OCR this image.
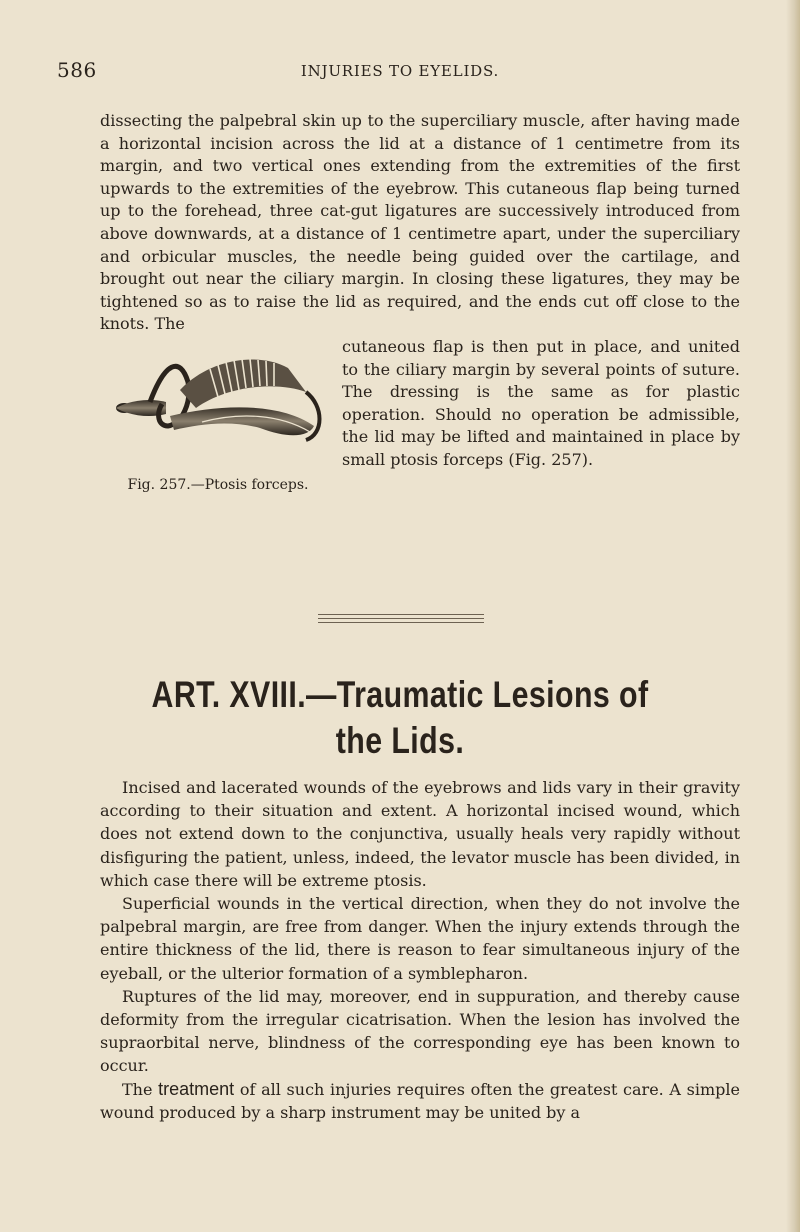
586	INJURIES TO EYELIDS.

dissecting the palpebral skin up to the superciliary muscle, after having made a horizontal incision across the lid at a distance of 1 centimetre from its margin, and two vertical ones extending from the extremities of the first upwards to the extremities of the eyebrow. This cutaneous flap being turned up to the forehead, three cat-gut ligatures are successively introduced from above downwards, at a distance of 1 centimetre apart, under the superciliary and orbicular muscles, the needle being guided over the cartilage, and brought out near the ciliary margin. In closing these ligatures, they may be tightened so as to raise the lid as required, and the ends cut off close to the knots. The

Fig. 257.—Ptosis forceps.

cutaneous flap is then put in place, and united to the ciliary margin by several points of suture. The dressing is the same as for plastic operation. Should no operation be admissible, the lid may be lifted and maintained in place by small ptosis forceps (Fig. 257).

ART. XVIII.—Traumatic Lesions of
the Lids.

Incised and lacerated wounds of the eyebrows and lids vary in their gravity according to their situation and extent. A horizontal incised wound, which does not extend down to the conjunctiva, usually heals very rapidly without disfiguring the patient, unless, indeed, the levator muscle has been divided, in which case there will be extreme ptosis.

Superficial wounds in the vertical direction, when they do not involve the palpebral margin, are free from danger. When the injury extends through the entire thickness of the lid, there is reason to fear simultaneous injury of the eyeball, or the ulterior formation of a symblepharon.

Ruptures of the lid may, moreover, end in suppuration, and thereby cause deformity from the irregular cicatrisation. When the lesion has involved the supraorbital nerve, blindness of the corresponding eye has been known to occur.

The treatment of all such injuries requires often the greatest care. A simple wound produced by a sharp instrument may be united by a
